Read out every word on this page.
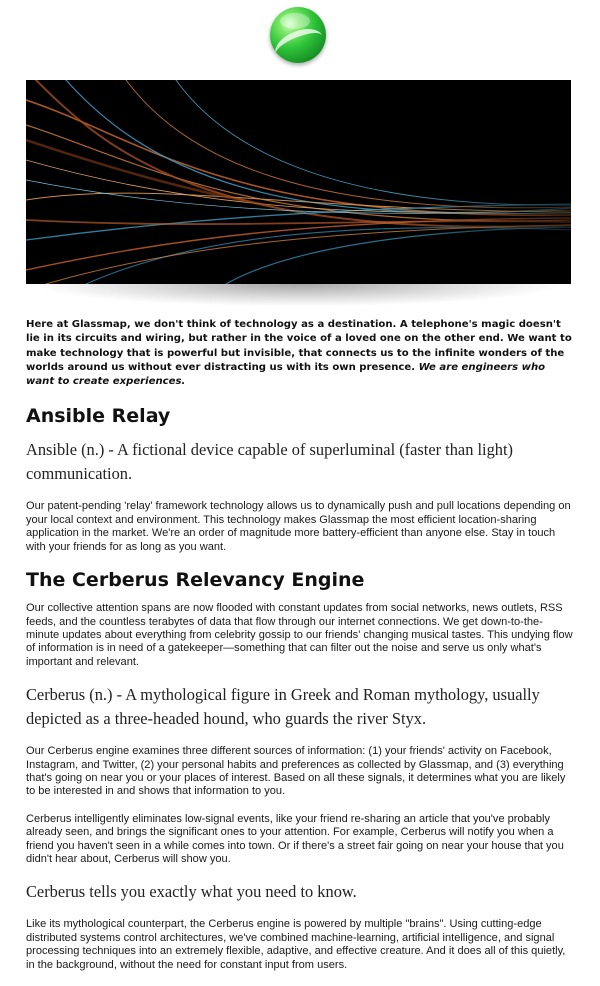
Here at Glassmap, we don't think of technology as a destination. A telephone's magic doesn't lie in its circuits and wiring, but rather in the voice of a loved one on the other end. We want to make technology that is powerful but invisible, that connects us to the infinite wonders of the worlds around us without ever distracting us with its own presence. We are engineers who want to create experiences.

Ansible Relay

Ansible (n.) - A fictional device capable of superluminal (faster than light) communication.

Our patent-pending 'relay' framework technology allows us to dynamically push and pull locations depending on your local context and environment. This technology makes Glassmap the most efficient location-sharing application in the market. We're an order of magnitude more battery-efficient than anyone else. Stay in touch with your friends for as long as you want.

The Cerberus Relevancy Engine

Our collective attention spans are now flooded with constant updates from social networks, news outlets, RSS feeds, and the countless terabytes of data that flow through our internet connections. We get down-to-the-minute updates about everything from celebrity gossip to our friends' changing musical tastes. This undying flow of information is in need of a gatekeeper—something that can filter out the noise and serve us only what's important and relevant.

Cerberus (n.) - A mythological figure in Greek and Roman mythology, usually depicted as a three-headed hound, who guards the river Styx.

Our Cerberus engine examines three different sources of information: (1) your friends' activity on Facebook, Instagram, and Twitter, (2) your personal habits and preferences as collected by Glassmap, and (3) everything that's going on near you or your places of interest. Based on all these signals, it determines what you are likely to be interested in and shows that information to you.

Cerberus intelligently eliminates low-signal events, like your friend re-sharing an article that you've probably already seen, and brings the significant ones to your attention. For example, Cerberus will notify you when a friend you haven't seen in a while comes into town. Or if there's a street fair going on near your house that you didn't hear about, Cerberus will show you.

Cerberus tells you exactly what you need to know.

Like its mythological counterpart, the Cerberus engine is powered by multiple "brains". Using cutting-edge distributed systems control architectures, we've combined machine-learning, artificial intelligence, and signal processing techniques into an extremely flexible, adaptive, and effective creature. And it does all of this quietly, in the background, without the need for constant input from users.
